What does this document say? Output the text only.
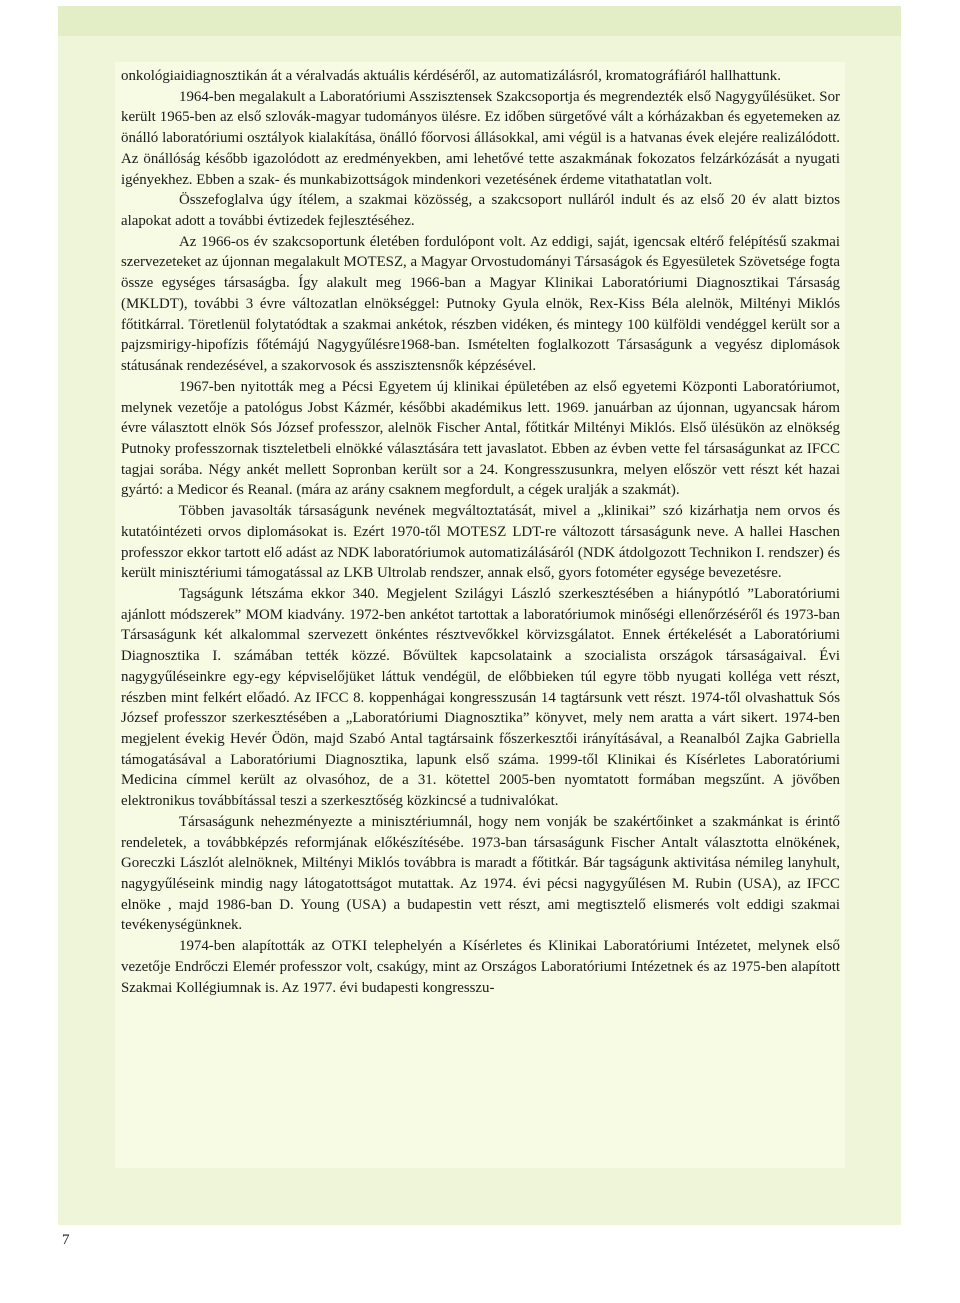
onkológiaidiagnosztikán át a véralvadás aktuális kérdéséről, az automatizálásról, kromatográfiáról hallhattunk.

1964-ben megalakult a Laboratóriumi Asszisztensek Szakcsoportja és megrendezték első Nagygyűlésüket. Sor került 1965-ben az első szlovák-magyar tudományos ülésre. Ez időben sürgetővé vált a kórházakban és egyetemeken az önálló laboratóriumi osztályok kialakítása, önálló főorvosi állásokkal, ami végül is a hatvanas évek elejére realizálódott. Az önállóság később igazolódott az eredményekben, ami lehetővé tette aszakmának fokozatos felzárkózását a nyugati igényekhez. Ebben a szak- és munkabizottságok mindenkori vezetésének érdeme vitathatatlan volt.

Összefoglalva úgy ítélem, a szakmai közösség, a szakcsoport nulláról indult és az első 20 év alatt biztos alapokat adott a további évtizedek fejlesztéséhez.

Az 1966-os év szakcsoportunk életében fordulópont volt. Az eddigi, saját, igencsak eltérő felépítésű szakmai szervezeteket az újonnan megalakult MOTESZ, a Magyar Orvostudományi Társaságok és Egyesületek Szövetsége fogta össze egységes társaságba. Így alakult meg 1966-ban a Magyar Klinikai Laboratóriumi Diagnosztikai Társaság (MKLDT), további 3 évre változatlan elnökséggel: Putnoky Gyula elnök, Rex-Kiss Béla alelnök, Miltényi Miklós főtitkárral. Töretlenül folytatódtak a szakmai ankétok, részben vidéken, és mintegy 100 külföldi vendéggel került sor a pajzsmirigy-hipofízis főtémájú Nagygyűlésre1968-ban. Ismételten foglalkozott Társaságunk a vegyész diplomások státusának rendezésével, a szakorvosok és asszisztensnők képzésével.

1967-ben nyitották meg a Pécsi Egyetem új klinikai épületében az első egyetemi Központi Laboratóriumot, melynek vezetője a patológus Jobst Kázmér, későbbi akadémikus lett. 1969. januárban az újonnan, ugyancsak három évre választott elnök Sós József professzor, alelnök Fischer Antal, főtitkár Miltényi Miklós. Első ülésükön az elnökség Putnoky professzornak tiszteletbeli elnökké választására tett javaslatot. Ebben az évben vette fel társaságunkat az IFCC tagjai sorába. Négy ankét mellett Sopronban került sor a 24. Kongresszusunkra, melyen először vett részt két hazai gyártó: a Medicor és Reanal. (mára az arány csaknem megfordult, a cégek uralják a szakmát).

Többen javasolták társaságunk nevének megváltoztatását, mivel a „klinikai” szó kizárhatja nem orvos és kutatóintézeti orvos diplomásokat is. Ezért 1970-től MOTESZ LDT-re változott társaságunk neve. A hallei Haschen professzor ekkor tartott elő adást az NDK laboratóriumok automatizálásáról (NDK átdolgozott Technikon I. rendszer) és került minisztériumi támogatással az LKB Ultrolab rendszer, annak első, gyors fotométer egysége bevezetésre.

Tagságunk létszáma ekkor 340. Megjelent Szilágyi László szerkesztésében a hiánypótló ”Laboratóriumi ajánlott módszerek” MOM kiadvány. 1972-ben ankétot tartottak a laboratóriumok minőségi ellenőrzéséről és 1973-ban Társaságunk két alkalommal szervezett önkéntes résztvevőkkel körvizsgálatot. Ennek értékelését a Laboratóriumi Diagnosztika I. számában tették közzé. Bővültek kapcsolataink a szocialista országok társaságaival. Évi nagygyűléseinkre egy-egy képviselőjüket láttuk vendégül, de előbbieken túl egyre több nyugati kolléga vett részt, részben mint felkért előadó. Az IFCC 8. koppenhágai kongresszusán 14 tagtársunk vett részt. 1974-től olvashattuk Sós József professzor szerkesztésében a „Laboratóriumi Diagnosztika” könyvet, mely nem aratta a várt sikert. 1974-ben megjelent évekig Hevér Ödön, majd Szabó Antal tagtársaink főszerkesztői irányításával, a Reanalból Zajka Gabriella támogatásával a Laboratóriumi Diagnosztika, lapunk első száma. 1999-től Klinikai és Kísérletes Laboratóriumi Medicina címmel került az olvasóhoz, de a 31. kötettel 2005-ben nyomtatott formában megszűnt. A jövőben elektronikus továbbítással teszi a szerkesztőség közkincsé a tudnivalókat.

Társaságunk nehezményezte a minisztériumnál, hogy nem vonják be szakértőinket a szakmánkat is érintő rendeletek, a továbbképzés reformjának előkészítésébe. 1973-ban társaságunk Fischer Antalt választotta elnökének, Goreczki Lászlót alelnöknek, Miltényi Miklós továbbra is maradt a főtitkár. Bár tagságunk aktivitása némileg lanyhult, nagygyűléseink mindig nagy látogatottságot mutattak. Az 1974. évi pécsi nagygyűlésen M. Rubin (USA), az IFCC elnöke , majd 1986-ban D. Young (USA) a budapestin vett részt, ami megtisztelő elismerés volt eddigi szakmai tevékenységünknek.

1974-ben alapították az OTKI telephelyén a Kísérletes és Klinikai Laboratóriumi Intézetet, melynek első vezetője Endrőczi Elemér professzor volt, csakúgy, mint az Országos Laboratóriumi Intézetnek és az 1975-ben alapított Szakmai Kollégiumnak is. Az 1977. évi budapesti kongresszu-

7
